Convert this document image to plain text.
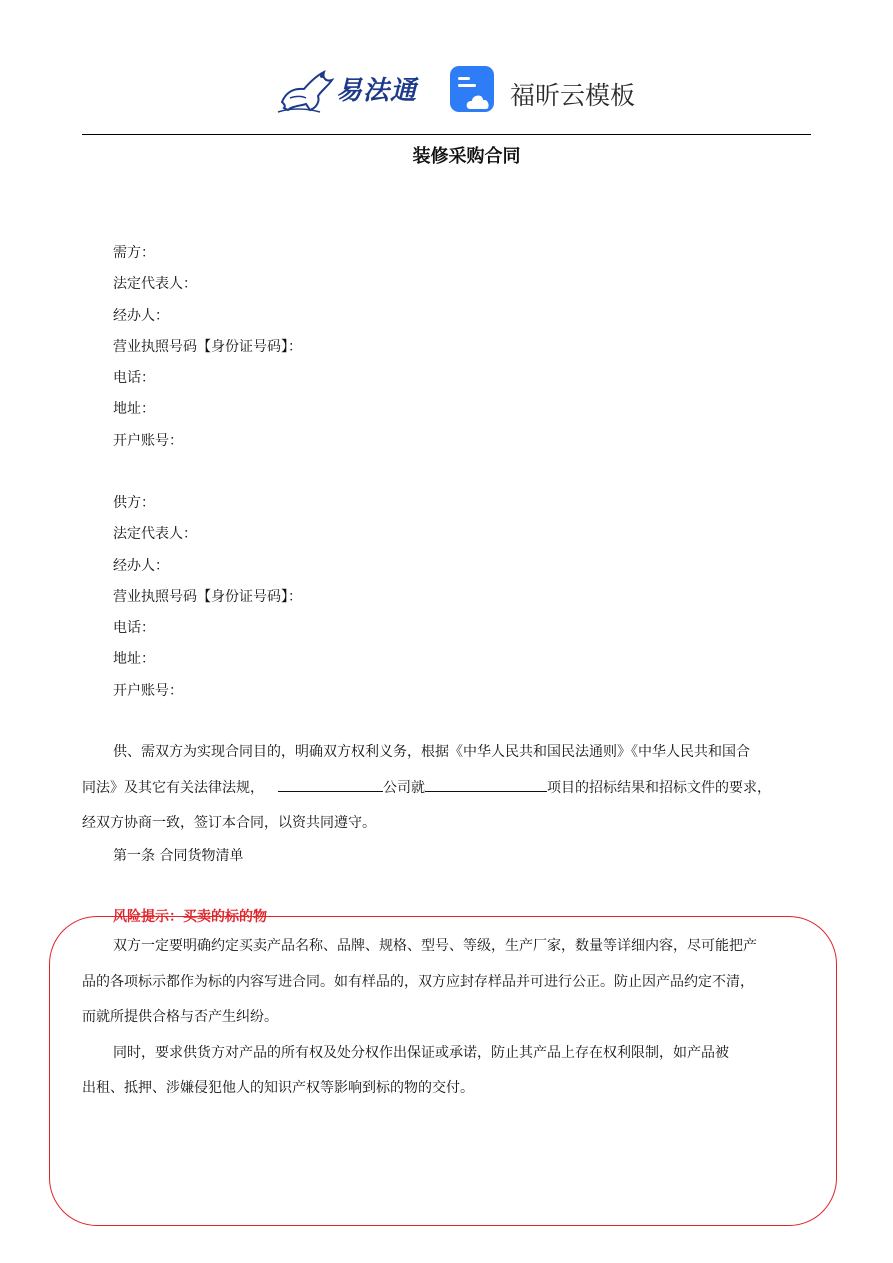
易法通	福昕云模板
装修采购合同
需方：
法定代表人：
经办人：
营业执照号码【身份证号码】：
电话：
地址：
开户账号：
供方：
法定代表人：
经办人：
营业执照号码【身份证号码】：
电话：
地址：
开户账号：
供、需双方为实现合同目的，明确双方权利义务，根据《中华人民共和国民法通则》《中华人民共和国合
同法》及其它有关法律法规，	公司就	项目的招标结果和招标文件的要求，
经双方协商一致，签订本合同，以资共同遵守。
第一条 合同货物清单
风险提示：买卖的标的物
双方一定要明确约定买卖产品名称、品牌、规格、型号、等级，生产厂家，数量等详细内容，尽可能把产
品的各项标示都作为标的内容写进合同。如有样品的，双方应封存样品并可进行公正。防止因产品约定不清，
而就所提供合格与否产生纠纷。
同时，要求供货方对产品的所有权及处分权作出保证或承诺，防止其产品上存在权利限制，如产品被
出租、抵押、涉嫌侵犯他人的知识产权等影响到标的物的交付。
